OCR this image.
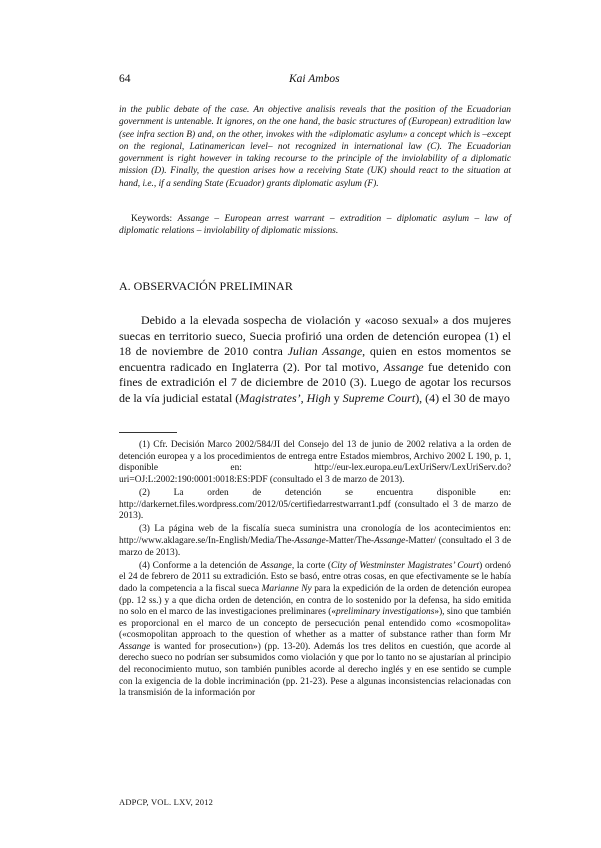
64	Kai Ambos

in the public debate of the case. An objective analisis reveals that the position of the Ecuadorian government is untenable. It ignores, on the one hand, the basic structures of (European) extradition law (see infra section B) and, on the other, invokes with the «diplomatic asylum» a concept which is –except on the regional, Latinamerican level– not recognized in international law (C). The Ecuadorian government is right however in taking recourse to the principle of the inviolability of a diplomatic mission (D). Finally, the question arises how a receiving State (UK) should react to the situation at hand, i.e., if a sending State (Ecuador) grants diplomatic asylum (F).

Keywords: Assange – European arrest warrant – extradition – diplomatic asylum – law of diplomatic relations – inviolability of diplomatic missions.

A. OBSERVACIÓN PRELIMINAR

Debido a la elevada sospecha de violación y «acoso sexual» a dos mujeres suecas en territorio sueco, Suecia profirió una orden de detención europea (1) el 18 de noviembre de 2010 contra Julian Assange, quien en estos momentos se encuentra radicado en Inglaterra (2). Por tal motivo, Assange fue detenido con fines de extradición el 7 de diciembre de 2010 (3). Luego de agotar los recursos de la vía judicial estatal (Magistrates’, High y Supreme Court), (4) el 30 de mayo

(1) Cfr. Decisión Marco 2002/584/JI del Consejo del 13 de junio de 2002 relativa a la orden de detención europea y a los procedimientos de entrega entre Estados miembros, Archivo 2002 L 190, p. 1, disponible en: http://eur-lex.europa.eu/LexUriServ/LexUriServ.do?uri=OJ:L:2002:190:0001:0018:ES:PDF (consultado el 3 de marzo de 2013).

(2)	La orden de detención se encuentra disponible en: http://darkernet.files.wordpress.com/2012/05/certifiedarrestwarrant1.pdf (consultado el 3 de marzo de 2013).

(3) La página web de la fiscalía sueca suministra una cronología de los acontecimientos en: http://www.aklagare.se/In-English/Media/The-Assange-Matter/The-Assange-Matter/ (consultado el 3 de marzo de 2013).

(4) Conforme a la detención de Assange, la corte (City of Westminster Magistrates’ Court) ordenó el 24 de febrero de 2011 su extradición. Esto se basó, entre otras cosas, en que efectivamente se le había dado la competencia a la fiscal sueca Marianne Ny para la expedición de la orden de detención europea (pp. 12 ss.) y a que dicha orden de detención, en contra de lo sostenido por la defensa, ha sido emitida no solo en el marco de las investigaciones preliminares («preliminary investigations»), sino que también es proporcional en el marco de un concepto de persecución penal entendido como «cosmopolita» («cosmopolitan approach to the question of whether as a matter of substance rather than form Mr Assange is wanted for prosecution») (pp. 13-20). Además los tres delitos en cuestión, que acorde al derecho sueco no podrían ser subsumidos como violación y que por lo tanto no se ajustarían al principio del reconocimiento mutuo, son también punibles acorde al derecho inglés y en ese sentido se cumple con la exigencia de la doble incriminación (pp. 21-23). Pese a algunas inconsistencias relacionadas con la transmisión de la información por

ADPCP, VOL. LXV, 2012
